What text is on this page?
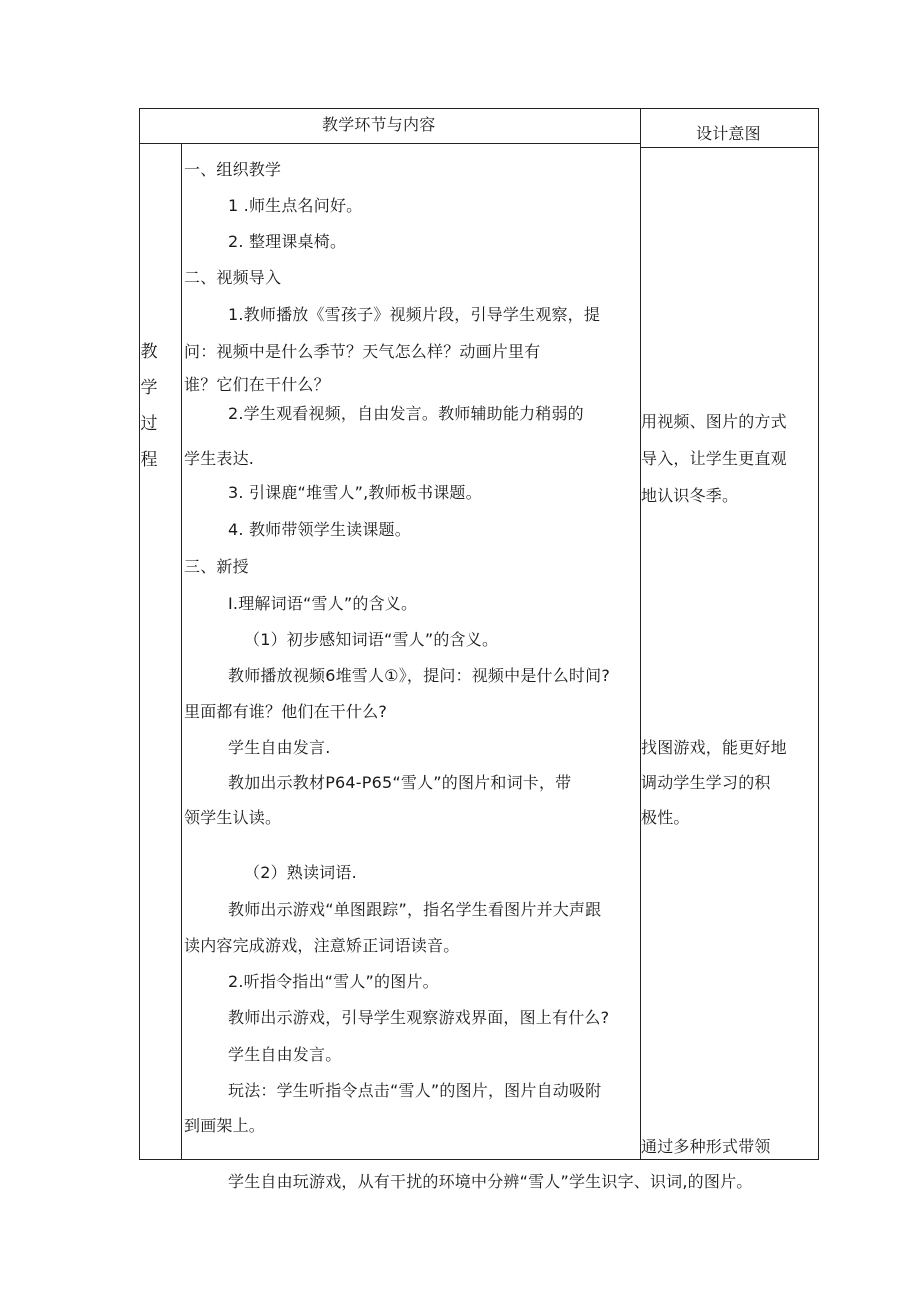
教学环节与内容	设计意图
教
学
过
程
一、组织教学
1 .师生点名问好。
2. 整理课桌椅。
二、视频导入
1.教师播放《雪孩子》视频片段，引导学生观察，提
问：视频中是什么季节？天气怎么样？动画片里有
谁？它们在干什么？
2.学生观看视频，自由发言。教师辅助能力稍弱的
学生表达.
3. 引课鹿“堆雪人”,教师板书课题。
4. 教师带领学生读课题。
三、新授
I.理解词语“雪人”的含义。
（1）初步感知词语“雪人”的含义。
教师播放视频6堆雪人①》，提问：视频中是什么时间?
里面都有谁？他们在干什么?
学生自由发言.
教加出示教材P64-P65“雪人”的图片和词卡，带
领学生认读。
（2）熟读词语.
教师出示游戏“单图跟踪”，指名学生看图片并大声跟
读内容完成游戏，注意矫正词语读音。
2.听指令指出“雪人”的图片。
教师出示游戏，引导学生观察游戏界面，图上有什么?
学生自由发言。
玩法：学生听指令点击“雪人”的图片，图片自动吸附
到画架上。
用视频、图片的方式
导入，让学生更直观
地认识冬季。
找图游戏，能更好地
调动学生学习的积
极性。
通过多种形式带领
学生自由玩游戏，从有干扰的环境中分辨“雪人”学生识字、识词,的图片。
